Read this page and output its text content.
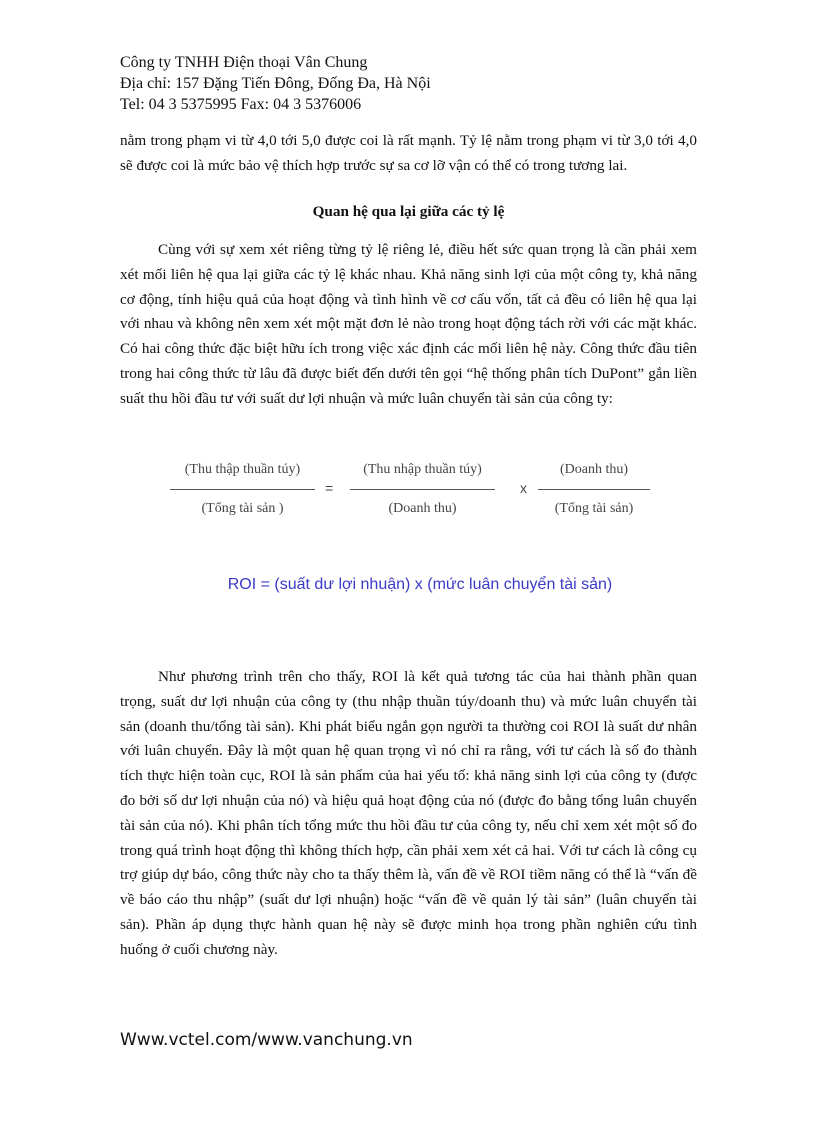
Công ty TNHH Điện thoại Vân Chung
Địa chỉ: 157 Đặng Tiến Đông, Đống Đa, Hà Nội
Tel: 04 3 5375995 Fax: 04 3 5376006

nằm trong phạm vi từ 4,0 tới 5,0 được coi là rất mạnh. Tỷ lệ nằm trong phạm vi từ 3,0 tới 4,0 sẽ được coi là mức bảo vệ thích hợp trước sự sa cơ lỡ vận có thể có trong tương lai.

Quan hệ qua lại giữa các tỷ lệ

Cùng với sự xem xét riêng từng tỷ lệ riêng lẻ, điều hết sức quan trọng là cần phải xem xét mối liên hệ qua lại giữa các tỷ lệ khác nhau. Khả năng sinh lợi của một công ty, khả năng cơ động, tính hiệu quả của hoạt động và tình hình về cơ cấu vốn, tất cả đều có liên hệ qua lại với nhau và không nên xem xét một mặt đơn lẻ nào trong hoạt động tách rời với các mặt khác. Có hai công thức đặc biệt hữu ích trong việc xác định các mối liên hệ này. Công thức đầu tiên trong hai công thức từ lâu đã được biết đến dưới tên gọi “hệ thống phân tích DuPont” gắn liền suất thu hồi đầu tư với suất dư lợi nhuận và mức luân chuyển tài sản của công ty:

(Thu thập thuần túy)
(Tổng tài sản )
=
(Thu nhập thuần túy)
(Doanh thu)
x
(Doanh thu)
(Tổng tài sản)
ROI = (suất dư lợi nhuận) x (mức luân chuyển tài sản)

Như phương trình trên cho thấy, ROI là kết quả tương tác của hai thành phần quan trọng, suất dư lợi nhuận của công ty (thu nhập thuần túy/doanh thu) và mức luân chuyển tài sản (doanh thu/tổng tài sản). Khi phát biểu ngắn gọn người ta thường coi ROI là suất dư nhân với luân chuyển. Đây là một quan hệ quan trọng vì nó chỉ ra rằng, với tư cách là số đo thành tích thực hiện toàn cục, ROI là sản phẩm của hai yếu tố: khả năng sinh lợi của công ty (được đo bởi số dư lợi nhuận của nó) và hiệu quả hoạt động của nó (được đo bằng tổng luân chuyển tài sản của nó). Khi phân tích tổng mức thu hồi đầu tư của công ty, nếu chỉ xem xét một số đo trong quá trình hoạt động thì không thích hợp, cần phải xem xét cả hai. Với tư cách là công cụ trợ giúp dự báo, công thức này cho ta thấy thêm là, vấn đề về ROI tiềm năng có thể là “vấn đề về báo cáo thu nhập” (suất dư lợi nhuận) hoặc “vấn đề về quản lý tài sản” (luân chuyển tài sản). Phần áp dụng thực hành quan hệ này sẽ được minh họa trong phần nghiên cứu tình huống ở cuối chương này.

Www.vctel.com/www.vanchung.vn
